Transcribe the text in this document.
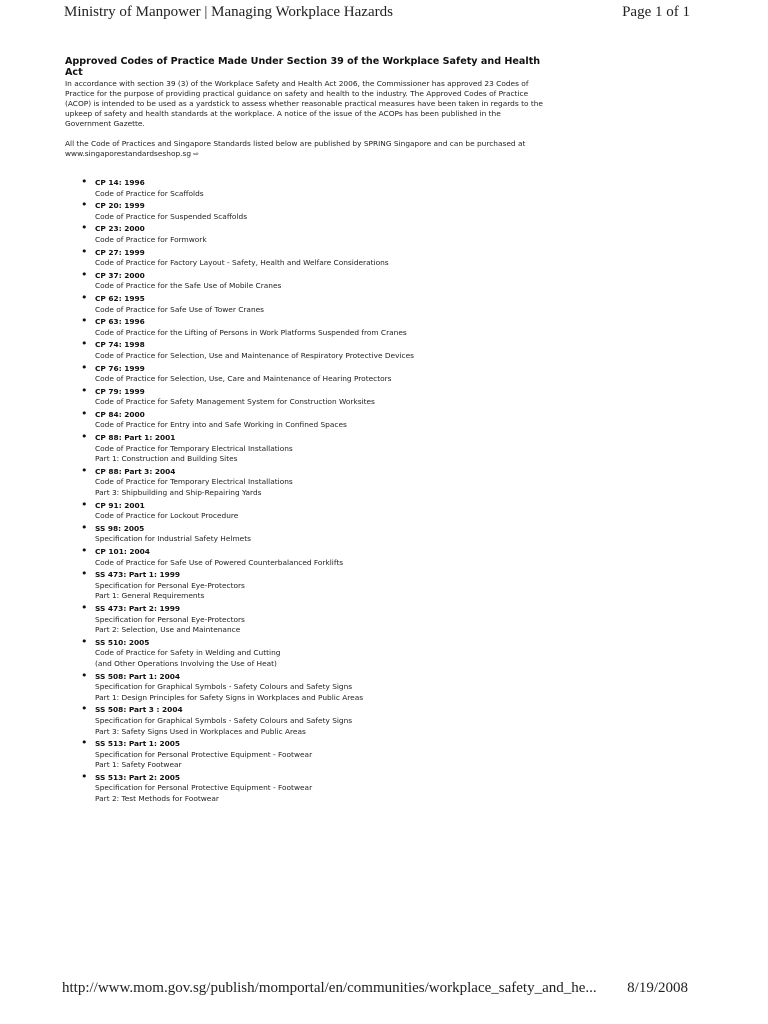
Ministry of Manpower | Managing Workplace Hazards	Page 1 of 1
Approved Codes of Practice Made Under Section 39 of the Workplace Safety and Health Act

In accordance with section 39 (3) of the Workplace Safety and Health Act 2006, the Commissioner has approved 23 Codes of Practice for the purpose of providing practical guidance on safety and health to the industry. The Approved Codes of Practice (ACOP) is intended to be used as a yardstick to assess whether reasonable practical measures have been taken in regards to the upkeep of safety and health standards at the workplace. A notice of the issue of the ACOPs has been published in the Government Gazette.

All the Code of Practices and Singapore Standards listed below are published by SPRING Singapore and can be purchased at www.singaporestandardseshop.sg ⇨

• CP 14: 1996
Code of Practice for Scaffolds
• CP 20: 1999
Code of Practice for Suspended Scaffolds
• CP 23: 2000
Code of Practice for Formwork
• CP 27: 1999
Code of Practice for Factory Layout - Safety, Health and Welfare Considerations
• CP 37: 2000
Code of Practice for the Safe Use of Mobile Cranes
• CP 62: 1995
Code of Practice for Safe Use of Tower Cranes
• CP 63: 1996
Code of Practice for the Lifting of Persons in Work Platforms Suspended from Cranes
• CP 74: 1998
Code of Practice for Selection, Use and Maintenance of Respiratory Protective Devices
• CP 76: 1999
Code of Practice for Selection, Use, Care and Maintenance of Hearing Protectors
• CP 79: 1999
Code of Practice for Safety Management System for Construction Worksites
• CP 84: 2000
Code of Practice for Entry into and Safe Working in Confined Spaces
• CP 88: Part 1: 2001
Code of Practice for Temporary Electrical Installations
Part 1: Construction and Building Sites
• CP 88: Part 3: 2004
Code of Practice for Temporary Electrical Installations
Part 3: Shipbuilding and Ship-Repairing Yards
• CP 91: 2001
Code of Practice for Lockout Procedure
• SS 98: 2005
Specification for Industrial Safety Helmets
• CP 101: 2004
Code of Practice for Safe Use of Powered Counterbalanced Forklifts
• SS 473: Part 1: 1999
Specification for Personal Eye-Protectors
Part 1: General Requirements
• SS 473: Part 2: 1999
Specification for Personal Eye-Protectors
Part 2: Selection, Use and Maintenance
• SS 510: 2005
Code of Practice for Safety in Welding and Cutting
(and Other Operations Involving the Use of Heat)
• SS 508: Part 1: 2004
Specification for Graphical Symbols - Safety Colours and Safety Signs
Part 1: Design Principles for Safety Signs in Workplaces and Public Areas
• SS 508: Part 3 : 2004
Specification for Graphical Symbols - Safety Colours and Safety Signs
Part 3: Safety Signs Used in Workplaces and Public Areas
• SS 513: Part 1: 2005
Specification for Personal Protective Equipment - Footwear
Part 1: Safety Footwear
• SS 513: Part 2: 2005
Specification for Personal Protective Equipment - Footwear
Part 2: Test Methods for Footwear
http://www.mom.gov.sg/publish/momportal/en/communities/workplace_safety_and_he... 8/19/2008
